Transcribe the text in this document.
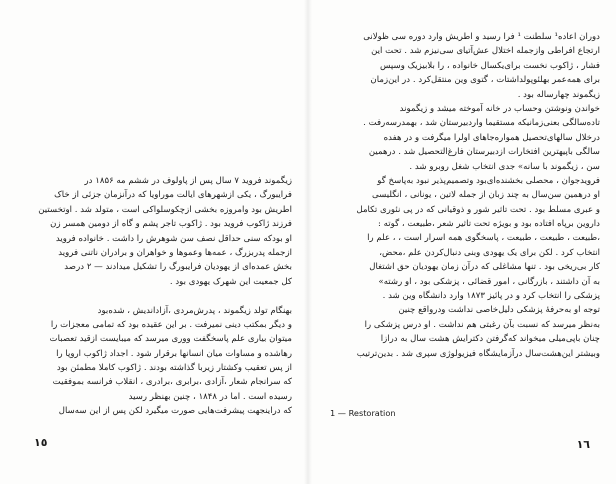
زیگموند فروید ۷ سال پس از پاولوف در ششم مه ۱۸۵۶ در
فرایبورگ ، یکی ازشهرهای ایالت موراویا که درآنزمان جزئی از خاک
اطریش بود وامروزه بخشی ازچکوسلواکی است ، متولد شد . اوتخستین
فرزند ژاکوب فروید بود . ژاکوب تاجر پشم و گاه از دومین همسر زن
او بودکه سنی حداقل نصف سن شوهرش را داشت . خانواده فروید
ازجمله پدربزرگ ، عمه‌ها وعموها و خواهران و برادران ناتنی فروید
بخش عمده‌ای از یهودیان فرایبورگ را تشکیل میدادند — ۲ درصد
کل جمعیت این شهرک یهودی بود .
بهنگام تولد زیگموند ، پدرش‌مردی ،آزاداندیش ، شده‌بود
و دیگر بمکتب دینی نمیرفت . بر این عقیده بود که تمامی معجزات را
میتوان بیاری علم پاسخگفت ووری میرسد که میبایست ازقید تعصبات
رهاشده و مساوات میان انسانها برقرار شود . اجداد ژاکوب اروپا را
از پس تعقیب وکشتار زیربا گذاشته بودند . ژاکوب کاملا مطمئن بود
که سرانجام شعار ،آزادی ،برابری ،برادری ، انقلاب فرانسه بموفقیت
رسیده است . اما در ۱۸۴۸ ، چنین بهنظر رسید
که دراینجهت پیشرفت‌هایی صورت میگیرد لکن پس از این سه‌سال
١٥
دوران اعاده¹ سلطنت ¹ فرا رسید و اطریش وارد دوره‌‌ سی ظولانی
ارتجاع افراطی وازجمله اختلال عش‌آتیای سی‌نیزم شد . تحت این
فشار ، ژاکوب نخست برای‌یکسال خانواده ، را بلابیزیک وسپس
برای همه‌عمر بهلئوپولداشتات ، گتوی وین منتقل‌کرد . در این‌زمان
زیگموند چهارساله بود .
خواندن ونوشتن وحساب در خانه آموخته میشد و زیگموند
تاده‌سالگی بعنی‌زمانیکه مستقیما واردبیرستان شد ، بهمدرسه‌رفت .
درخلال سالهای‌تحصیل همواره‌جاهای اولرا میگرفت و در هفده
سالگی باپیهترین افتخارات ازدبیرستان فارغ‌التحصیل شد . درهمین
سن ، زیگموند با سانه» جدی انتخاب شغل روبرو شد .
فروید‌جوان ، محصلی بخشنده‌ای‌بود وتصمیم‌پذیر نبود به‌پاسخ گو
او درهمین سن‌سال به چند زبان از جمله لاتین ، یونانی ، انگلیسی
و عبری مسلط بود . تحت تاثیر شور و ذوقیانی که در پی نئوری تکامل
داروین برپاه افتاده بود و بویژه تحت تاثیر شعر ،طبیعت ، گوته :
،طبیعت ، طبیعت ، طبیعت ، پاسخگوی همه‌ اسرار است ، ، علم را
انتخاب کرد . لکن برای یک یهودی وبنی دنبال‌کردن علم ،محض،
کار بی‌ریخی بود . تنها مشاغلی که درآن زمان یهودیان حق اشتغال
به آن داشتند ، بازرگانی ، امور قضائی ، پزشکی بود ، او رشته»
پزشکی را انتخاب کرد و در پائیز ۱۸۷۳ وارد دانشگاه وین شد .
توجه او به‌حرفه‌ٔ پزشکی دلیل‌خاصی نداشت ودرواقع چنین
به‌نظر میرسد که نسبت بآن رغبتی هم نداشت . او درس پزشکی را
چنان باپی‌میلی میخواند که‌گرفتن دکترایش هشت سال به درازا
وبیشتر این‌هشت‌سال درآزمایشگاه فیزیولوژی سپری شد . بدین‌ترتیب
1 — Restoration
١٦
